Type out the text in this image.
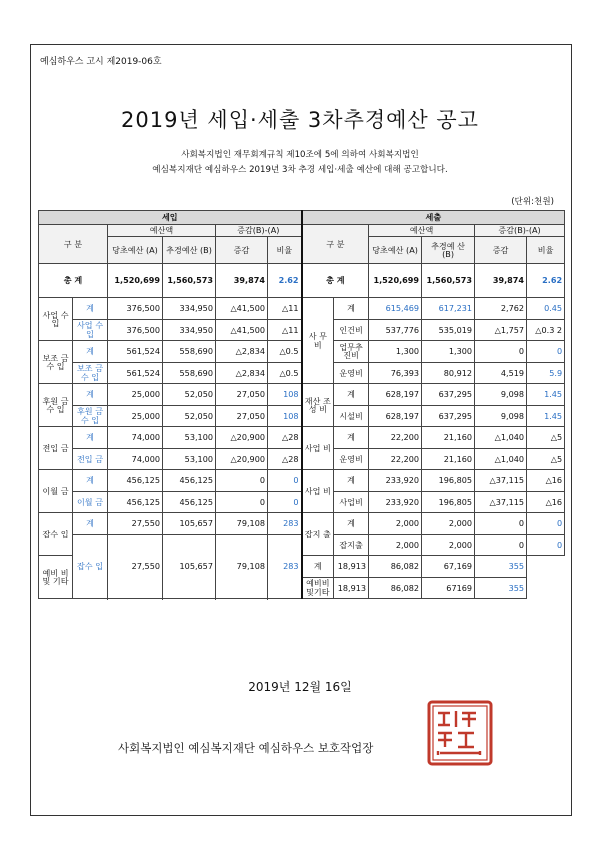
예심하우스 고시 제2019-06호
2019년 세입·세출 3차추경예산 공고
사회복지법인 재무회계규칙 제10조에 5에 의하여 사회복지법인
예심복지재단 예심하우스 2019년 3차 추경 세입·세출 예산에 대해 공고합니다.
(단위:천원)
세입						세출					
구 분		예산액		증감(B)-(A)		구 분		예산액		증감(B)-(A)	
		당초예산 (A)	추경예산 (B)	증감	비율			당초예산 (A)	추경예 산 (B)	증감	비율
총 계		1,520,699	1,560,573	39,874	2.62	총 계		1,520,699	1,560,573	39,874	2.62
사업 수입	계	376,500	334,950	△41,500	△11	사 무 비	계	615,469	617,231	2,762	0.45
	사업 수입	376,500	334,950	△41,500	△11		인건비	537,776	535,019	△1,757	△0.3 2
보조 금수 입	계	561,524	558,690	△2,834	△0.5		업무추 진비	1,300	1,300	0	0
	보조 금수 입	561,524	558,690	△2,834	△0.5		운영비	76,393	80,912	4,519	5.9
후원 금수 입	계	25,000	52,050	27,050	108	재산 조성 비	계	628,197	637,295	9,098	1.45
	후원 금수 입	25,000	52,050	27,050	108		시설비	628,197	637,295	9,098	1.45
전입 금	계	74,000	53,100	△20,900	△28	사업 비	계	22,200	21,160	△1,040	△5
	전입 금	74,000	53,100	△20,900	△28		운영비	22,200	21,160	△1,040	△5
이월 금	계	456,125	456,125	0	0	사업 비	계	233,920	196,805	△37,115	△16
	이월 금	456,125	456,125	0	0		사업비	233,920	196,805	△37,115	△16
잡수 입	계	27,550	105,657	79,108	283	잡지 출	계	2,000	2,000	0	0
	잡수 입	27,550	105,657	79,108	283		잡지출	2,000	2,000	0	0
예비 비 및 기타						계	18,913	86,082	67,169	355	
						예비비 및기타	18,913	86,082	67169	355	

2019년 12월 16일
사회복지법인 예심복지재단 예심하우스 보호작업장
